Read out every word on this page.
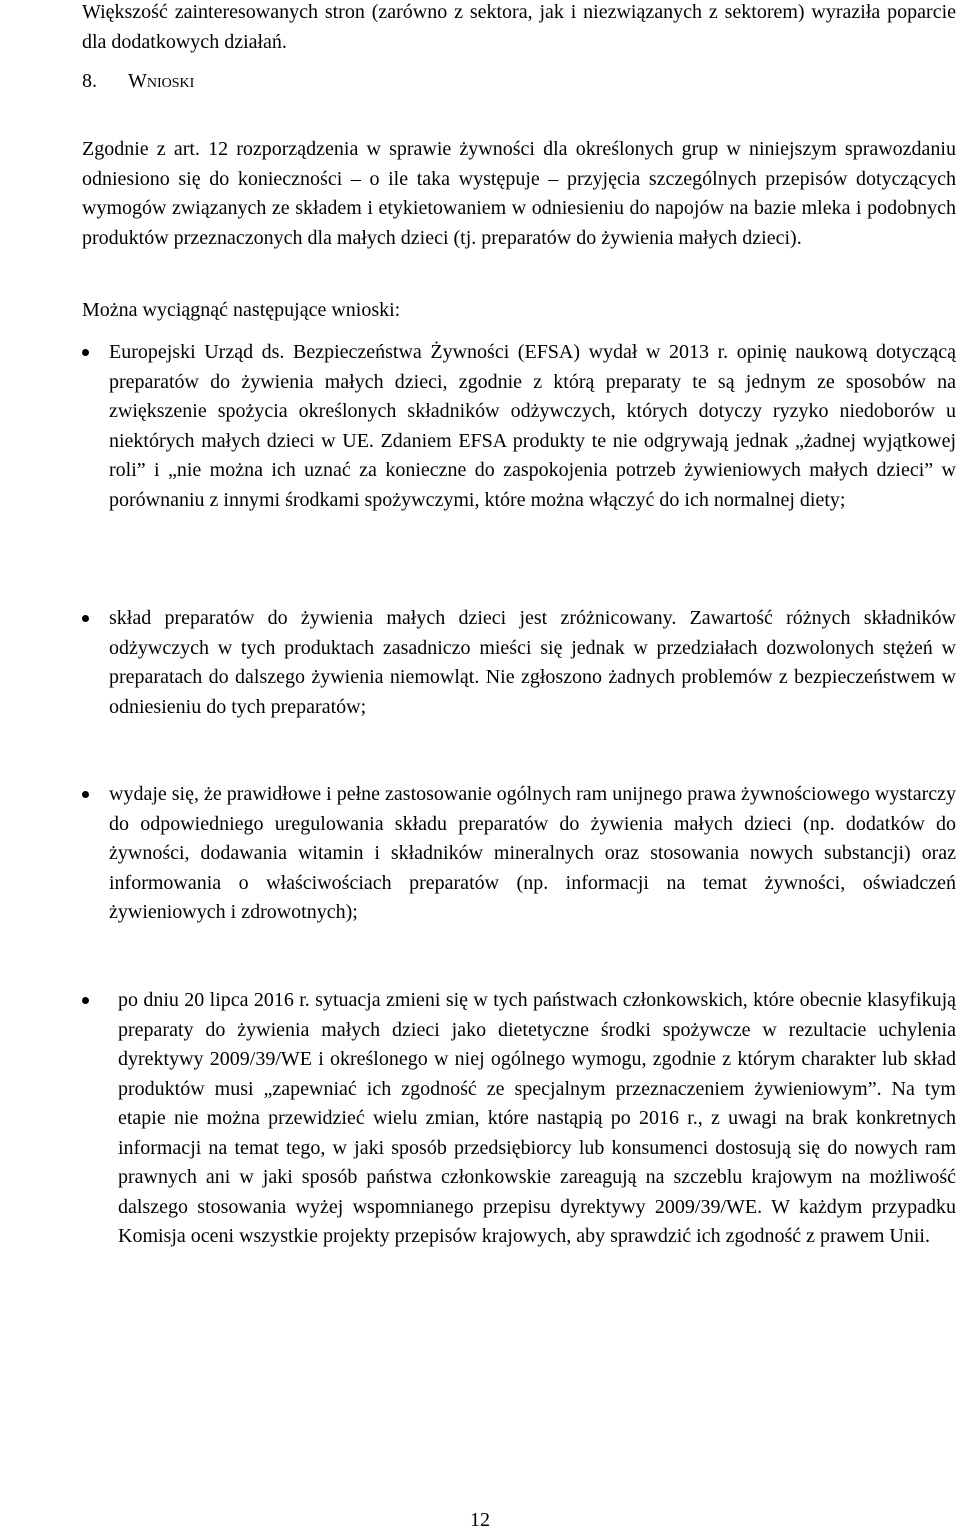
Większość zainteresowanych stron (zarówno z sektora, jak i niezwiązanych z sektorem) wyraziła poparcie dla dodatkowych działań.

8. Wnioski

Zgodnie z art. 12 rozporządzenia w sprawie żywności dla określonych grup w niniejszym sprawozdaniu odniesiono się do konieczności – o ile taka występuje – przyjęcia szczególnych przepisów dotyczących wymogów związanych ze składem i etykietowaniem w odniesieniu do napojów na bazie mleka i podobnych produktów przeznaczonych dla małych dzieci (tj. preparatów do żywienia małych dzieci).

Można wyciągnąć następujące wnioski:

Europejski Urząd ds. Bezpieczeństwa Żywności (EFSA) wydał w 2013 r. opinię naukową dotyczącą preparatów do żywienia małych dzieci, zgodnie z którą preparaty te są jednym ze sposobów na zwiększenie spożycia określonych składników odżywczych, których dotyczy ryzyko niedoborów u niektórych małych dzieci w UE. Zdaniem EFSA produkty te nie odgrywają jednak „żadnej wyjątkowej roli” i „nie można ich uznać za konieczne do zaspokojenia potrzeb żywieniowych małych dzieci” w porównaniu z innymi środkami spożywczymi, które można włączyć do ich normalnej diety;

skład preparatów do żywienia małych dzieci jest zróżnicowany. Zawartość różnych składników odżywczych w tych produktach zasadniczo mieści się jednak w przedziałach dozwolonych stężeń w preparatach do dalszego żywienia niemowląt. Nie zgłoszono żadnych problemów z bezpieczeństwem w odniesieniu do tych preparatów;

wydaje się, że prawidłowe i pełne zastosowanie ogólnych ram unijnego prawa żywnościowego wystarczy do odpowiedniego uregulowania składu preparatów do żywienia małych dzieci (np. dodatków do żywności, dodawania witamin i składników mineralnych oraz stosowania nowych substancji) oraz informowania o właściwościach preparatów (np. informacji na temat żywności, oświadczeń żywieniowych i zdrowotnych);

po dniu 20 lipca 2016 r. sytuacja zmieni się w tych państwach członkowskich, które obecnie klasyfikują preparaty do żywienia małych dzieci jako dietetyczne środki spożywcze w rezultacie uchylenia dyrektywy 2009/39/WE i określonego w niej ogólnego wymogu, zgodnie z którym charakter lub skład produktów musi „zapewniać ich zgodność ze specjalnym przeznaczeniem żywieniowym”. Na tym etapie nie można przewidzieć wielu zmian, które nastąpią po 2016 r., z uwagi na brak konkretnych informacji na temat tego, w jaki sposób przedsiębiorcy lub konsumenci dostosują się do nowych ram prawnych ani w jaki sposób państwa członkowskie zareagują na szczeblu krajowym na możliwość dalszego stosowania wyżej wspomnianego przepisu dyrektywy 2009/39/WE. W każdym przypadku Komisja oceni wszystkie projekty przepisów krajowych, aby sprawdzić ich zgodność z prawem Unii.

12
